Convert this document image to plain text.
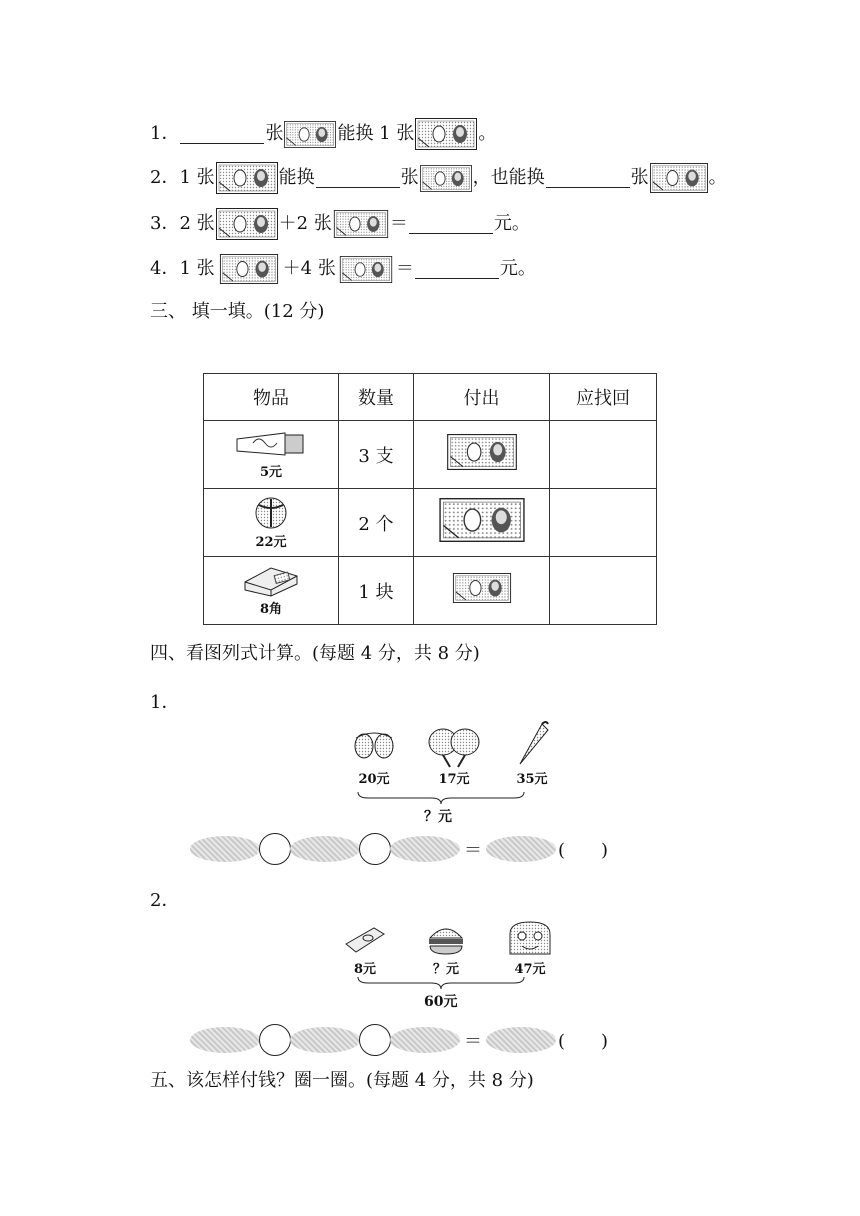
1．	张	能换 1 张	。
2． 1 张	能换	张	，也能换	张	。
3． 2 张	＋2 张	＝	元。
4． 1 张	＋4 张	＝	元。
三、 填一填。(12 分)
物品	数量	付出	应找回

5元	3 支		

22元	2 个		

8角	1 块		
四、看图列式计算。(每题 4 分，共 8 分)
1．
20元	17元	35元
？元
＝	(　　)
2．
8元	？元	47元
60元
＝	(　　)
五、该怎样付钱？圈一圈。(每题 4 分，共 8 分)
